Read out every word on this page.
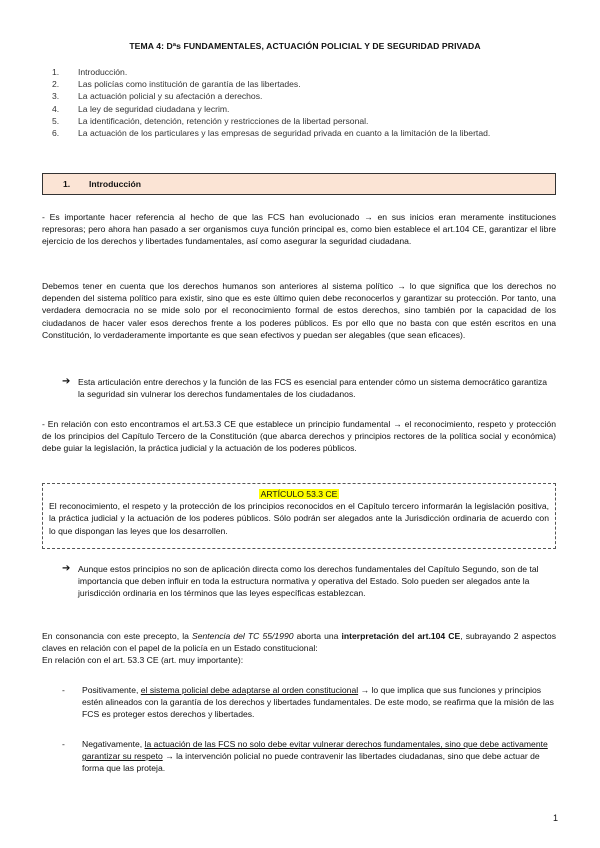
TEMA 4: Dªs FUNDAMENTALES, ACTUACIÓN POLICIAL Y DE SEGURIDAD PRIVADA
1.	Introducción.
2.	Las policías como institución de garantía de las libertades.
3.	La actuación policial y su afectación a derechos.
4.	La ley de seguridad ciudadana y lecrim.
5.	La identificación, detención, retención y restricciones de la libertad personal.
6.	La actuación de los particulares y las empresas de seguridad privada en cuanto a la limitación de la libertad.
1.	Introducción
- Es importante hacer referencia al hecho de que las FCS han evolucionado → en sus inicios eran meramente instituciones represoras; pero ahora han pasado a ser organismos cuya función principal es, como bien establece el art.104 CE, garantizar el libre ejercicio de los derechos y libertades fundamentales, así como asegurar la seguridad ciudadana.
Debemos tener en cuenta que los derechos humanos son anteriores al sistema político → lo que significa que los derechos no dependen del sistema político para existir, sino que es este último quien debe reconocerlos y garantizar su protección. Por tanto, una verdadera democracia no se mide solo por el reconocimiento formal de estos derechos, sino también por la capacidad de los ciudadanos de hacer valer esos derechos frente a los poderes públicos. Es por ello que no basta con que estén escritos en una Constitución, lo verdaderamente importante es que sean efectivos y puedan ser alegables (que sean eficaces).
➔ Esta articulación entre derechos y la función de las FCS es esencial para entender cómo un sistema democrático garantiza la seguridad sin vulnerar los derechos fundamentales de los ciudadanos.
- En relación con esto encontramos el art.53.3 CE que establece un principio fundamental → el reconocimiento, respeto y protección de los principios del Capítulo Tercero de la Constitución (que abarca derechos y principios rectores de la política social y económica) debe guiar la legislación, la práctica judicial y la actuación de los poderes públicos.
ARTÍCULO 53.3 CE
El reconocimiento, el respeto y la protección de los principios reconocidos en el Capítulo tercero informarán la legislación positiva, la práctica judicial y la actuación de los poderes públicos. Sólo podrán ser alegados ante la Jurisdicción ordinaria de acuerdo con lo que dispongan las leyes que los desarrollen.
➔ Aunque estos principios no son de aplicación directa como los derechos fundamentales del Capítulo Segundo, son de tal importancia que deben influir en toda la estructura normativa y operativa del Estado. Solo pueden ser alegados ante la jurisdicción ordinaria en los términos que las leyes específicas establezcan.
En consonancia con este precepto, la Sentencia del TC 55/1990 aborta una interpretación del art.104 CE, subrayando 2 aspectos claves en relación con el papel de la policía en un Estado constitucional:
En relación con el art. 53.3 CE (art. muy importante):
-	Positivamente, el sistema policial debe adaptarse al orden constitucional → lo que implica que sus funciones y principios estén alineados con la garantía de los derechos y libertades fundamentales. De este modo, se reafirma que la misión de las FCS es proteger estos derechos y libertades.
-	Negativamente, la actuación de las FCS no solo debe evitar vulnerar derechos fundamentales, sino que debe activamente garantizar su respeto → la intervención policial no puede contravenir las libertades ciudadanas, sino que debe actuar de forma que las proteja.
1
